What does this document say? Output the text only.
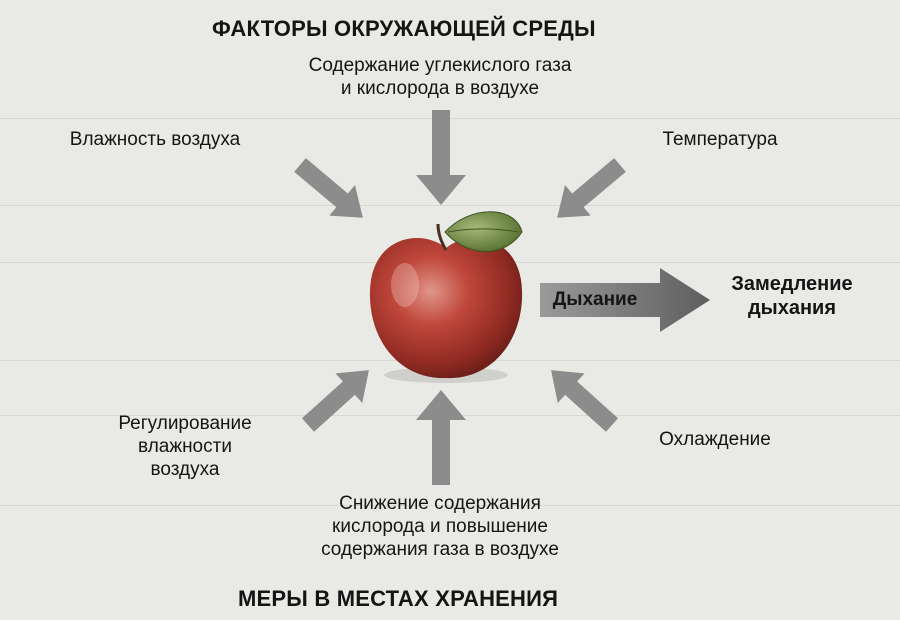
ФАКТОРЫ ОКРУЖАЮЩЕЙ СРЕДЫ
МЕРЫ В МЕСТАХ ХРАНЕНИЯ
Содержание углекислого газа
и кислорода в воздухе
Влажность воздуха	Температура
Дыхание
Замедление
дыхания
Регулирование
влажности
воздуха
Охлаждение
Снижение содержания
кислорода и повышение
содержания газа в воздухе
